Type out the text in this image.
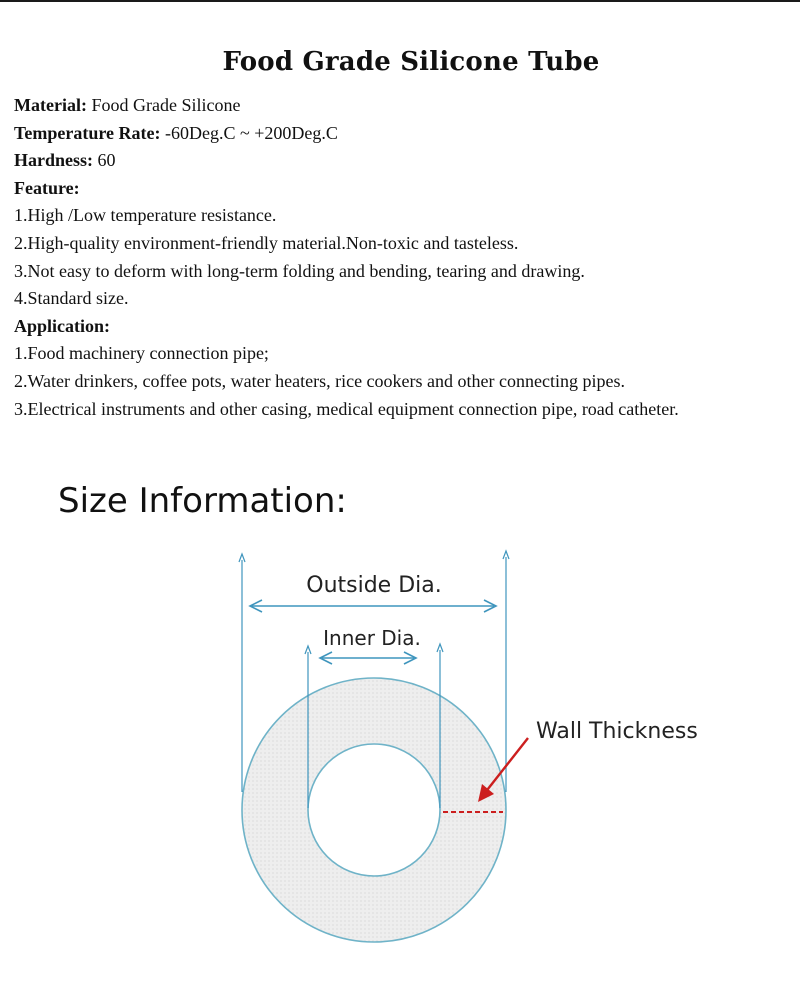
Food Grade Silicone Tube

Material: Food Grade Silicone

Temperature Rate: -60Deg.C ~ +200Deg.C

Hardness: 60

Feature:

1.High /Low temperature resistance.

2.High-quality environment-friendly material.Non-toxic and tasteless.

3.Not easy to deform with long-term folding and bending, tearing and drawing.

4.Standard size.

Application:

1.Food machinery connection pipe;

2.Water drinkers, coffee pots, water heaters, rice cookers and other connecting pipes.

3.Electrical instruments and other casing, medical equipment connection pipe, road catheter.

Size Information:
Outside Dia.
Inner Dia.
Wall Thickness
